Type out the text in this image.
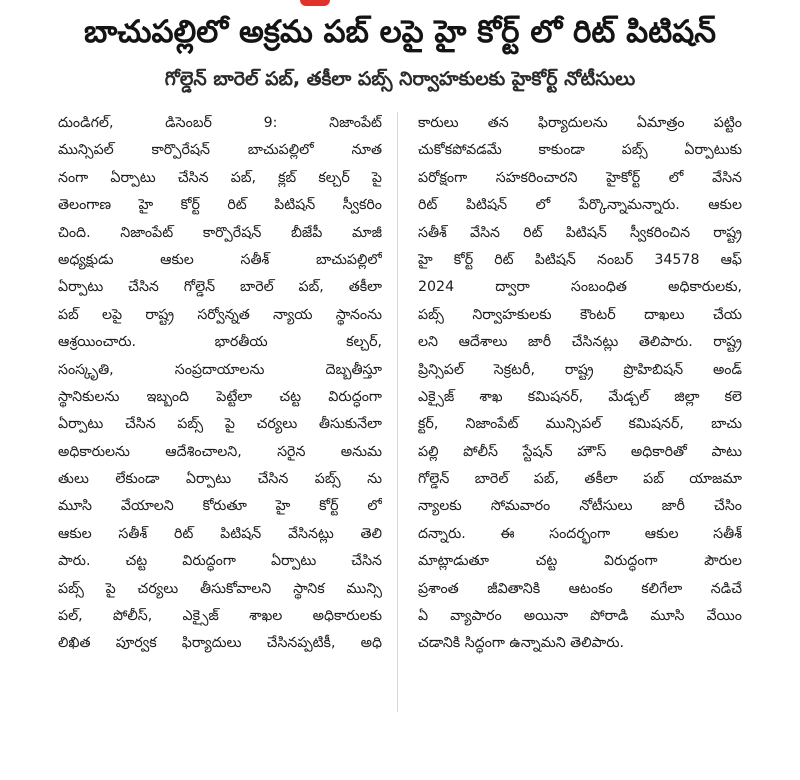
బాచుపల్లిలో అక్రమ పబ్ లపై హై కోర్ట్ లో రిట్ పిటిషన్
గోల్డెన్ బారెల్ పబ్, తకీలా పబ్స్ నిర్వాహకులకు హైకోర్ట్ నోటీసులు
దుండిగల్, డిసెంబర్ 9: నిజాంపేట్
మున్సిపల్ కార్పొరేషన్ బాచుపల్లిలో నూత
నంగా ఏర్పాటు చేసిన పబ్, క్లబ్ కల్చర్ పై
తెలంగాణ హై కోర్ట్ రిట్ పిటిషన్ స్వీకరిం
చింది. నిజాంపేట్ కార్పొరేషన్ బీజేపీ మాజీ
అధ్యక్షుడు ఆకుల సతీశ్ బాచుపల్లిలో
ఏర్పాటు చేసిన గోల్డెన్ బారెల్ పబ్, తకీలా
పబ్ లపై రాష్ట్ర సర్వోన్నత న్యాయ స్థానంను
ఆశ్రయించారు. భారతీయ కల్చర్,
సంస్కృతి, సంప్రదాయాలను దెబ్బతీస్తూ
స్థానికులను ఇబ్బంది పెట్టేలా చట్ట విరుద్ధంగా
ఏర్పాటు చేసిన పబ్స్ పై చర్యలు తీసుకునేలా
అధికారులను ఆదేశించాలని, సరైన అనుమ
తులు లేకుండా ఏర్పాటు చేసిన పబ్స్ ను
మూసి వేయాలని కోరుతూ హై కోర్ట్ లో
ఆకుల సతీశ్ రిట్ పిటిషన్ వేసినట్లు తెలి
పారు. చట్ట విరుద్ధంగా ఏర్పాటు చేసిన
పబ్స్ పై చర్యలు తీసుకోవాలని స్థానిక మున్సి
పల్, పోలీస్, ఎక్సైజ్ శాఖల అధికారులకు
లిఖిత పూర్వక ఫిర్యాదులు చేసినప్పటికీ, అధి
కారులు తన ఫిర్యాదులను ఏమాత్రం పట్టిం
చుకోకపోవడమే కాకుండా పబ్స్ ఏర్పాటుకు
పరోక్షంగా సహకరించారని హైకోర్ట్ లో వేసిన
రిట్ పిటిషన్ లో పేర్కొన్నామన్నారు. ఆకుల
సతీశ్ వేసిన రిట్ పిటిషన్ స్వీకరించిన రాష్ట్ర
హై కోర్ట్ రిట్ పిటిషన్ నంబర్ 34578 ఆఫ్
2024 ద్వారా సంబంధిత అధికారులకు,
పబ్స్ నిర్వాహకులకు కౌంటర్ దాఖలు చేయ
లని ఆదేశాలు జారీ చేసినట్లు తెలిపారు. రాష్ట్ర
ప్రిన్సిపల్ సెక్రటరీ, రాష్ట్ర ప్రొహిబిషన్ అండ్
ఎక్సైజ్ శాఖ కమిషనర్, మేడ్చల్ జిల్లా కలె
క్టర్, నిజాంపేట్ మున్సిపల్ కమిషనర్, బాచు
పల్లి పోలీస్ స్టేషన్ హౌస్ అధికారితో పాటు
గోల్డెన్ బారెల్ పబ్, తకీలా పబ్ యాజమా
న్యాలకు సోమవారం నోటీసులు జారీ చేసిం
దన్నారు. ఈ సందర్భంగా ఆకుల సతీశ్
మాట్లాడుతూ చట్ట విరుద్ధంగా పౌరుల
ప్రశాంత జీవితానికి ఆటంకం కలిగేలా నడిచే
ఏ వ్యాపారం అయినా పోరాడి మూసి వేయిం
చడానికి సిద్ధంగా ఉన్నామని తెలిపారు.
